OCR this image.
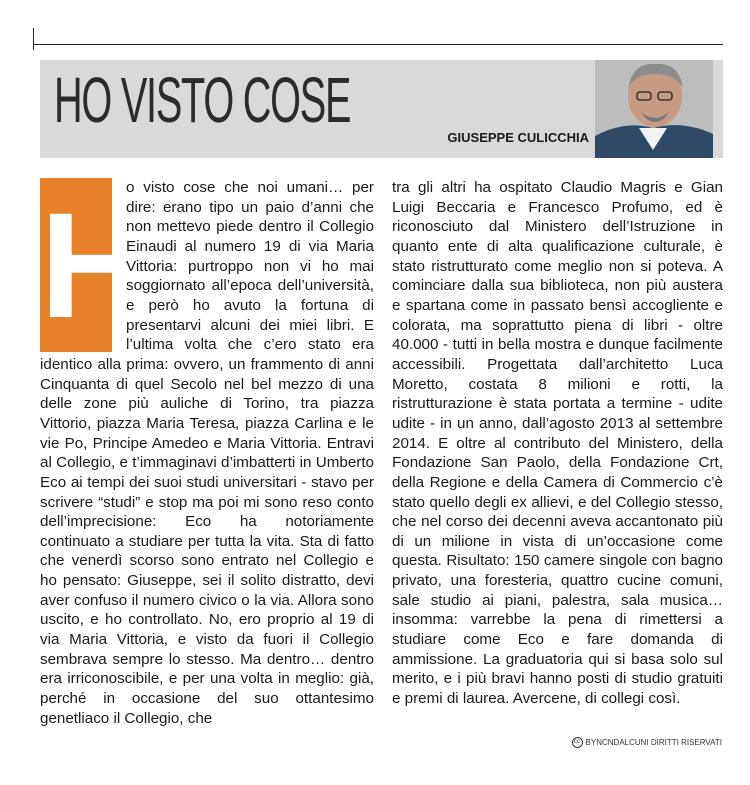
HO VISTO COSE
GIUSEPPE CULICCHIA
H

o visto cose che noi umani… per dire: erano tipo un paio d’anni che non mettevo piede dentro il Collegio Einaudi al numero 19 di via Maria Vittoria: purtroppo non vi ho mai soggiornato all’epoca dell’università, e però ho avuto la fortuna di presentarvi alcuni dei miei libri. E l’ultima volta che c’ero stato era identico alla prima: ovvero, un frammento di anni Cinquanta di quel Secolo nel bel mezzo di una delle zone più auliche di Torino, tra piazza Vittorio, piazza Maria Teresa, piazza Carlina e le vie Po, Principe Amedeo e Maria Vittoria. Entravi al Collegio, e t’immaginavi d’imbatterti in Umberto Eco ai tempi dei suoi studi universitari - stavo per scrivere “studi” e stop ma poi mi sono reso conto dell’imprecisione: Eco ha notoriamente continuato a studiare per tutta la vita. Sta di fatto che venerdì scorso sono entrato nel Collegio e ho pensato: Giuseppe, sei il solito distratto, devi aver confuso il numero civico o la via. Allora sono uscito, e ho controllato. No, ero proprio al 19 di via Maria Vittoria, e visto da fuori il Collegio sembrava sempre lo stesso. Ma dentro… dentro era irriconoscibile, e per una volta in meglio: già, perché in occasione del suo ottantesimo genetliaco il Collegio, che

tra gli altri ha ospitato Claudio Magris e Gian Luigi Beccaria e Francesco Profumo, ed è riconosciuto dal Ministero dell’Istruzione in quanto ente di alta qualificazione culturale, è stato ristrutturato come meglio non si poteva. A cominciare dalla sua biblioteca, non più austera e spartana come in passato bensì accogliente e colorata, ma soprattutto piena di libri - oltre 40.000 - tutti in bella mostra e dunque facilmente accessibili. Progettata dall’architetto Luca Moretto, costata 8 milioni e rotti, la ristrutturazione è stata portata a termine - udite udite - in un anno, dall’agosto 2013 al settembre 2014. E oltre al contributo del Ministero, della Fondazione San Paolo, della Fondazione Crt, della Regione e della Camera di Commercio c’è stato quello degli ex allievi, e del Collegio stesso, che nel corso dei decenni aveva accantonato più di un milione in vista di un’occasione come questa. Risultato: 150 camere singole con bagno privato, una foresteria, quattro cucine comuni, sale studio ai piani, palestra, sala musica… insomma: varrebbe la pena di rimettersi a studiare come Eco e fare domanda di ammissione. La graduatoria qui si basa solo sul merito, e i più bravi hanno posti di studio gratuiti e premi di laurea. Avercene, di collegi così.

cc BYNCNDALCUNI DIRITTI RISERVATI
